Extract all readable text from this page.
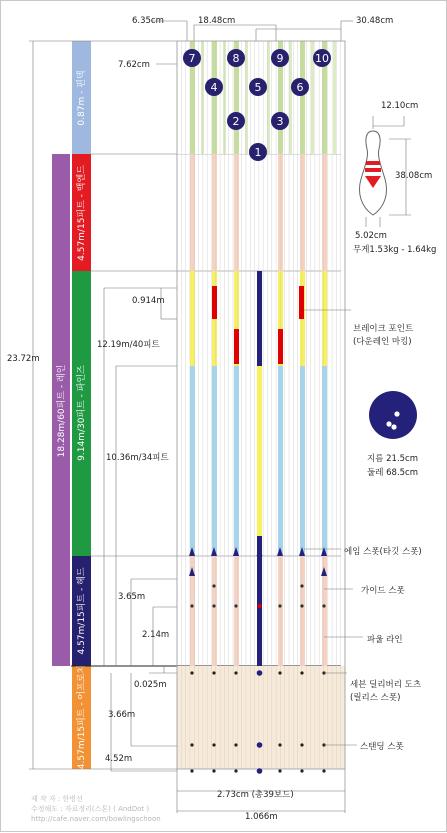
0.87m - 핀덱
4.57m/15피트 - 백엔드
9.14m/30피트 - 파인즈
4.57m/15피트 - 헤드
18.28m/60피트 - 레인
4.57m/15피트 - 어프로치
1
2	3
4	5	6
7	8	9	10
6.35cm	18.48cm	30.48cm
7.62cm
23.72m
0.914m
12.19m/40피트
10.36m/34피트
3.65m
2.14m
0.025m
3.66m
4.52m
2.73cm (총39보드)
1.066m
12.10cm
38.08cm
5.02cm
무게1.53kg - 1.64kg
지름 21.5cm
둘레 68.5cm
브레이크 포인트
(다운레인 마킹)
에임 스폿(타깃 스폿)
가이드 스폿
파울 라인
세븐 딜리버리 도츠
(릴리스 스폿)
스탠딩 스폿
제 작 자 : 한병선
수정해도 : 자료정리(스톤) ( AndDot )
http://cafe.naver.com/bowlingschoon
